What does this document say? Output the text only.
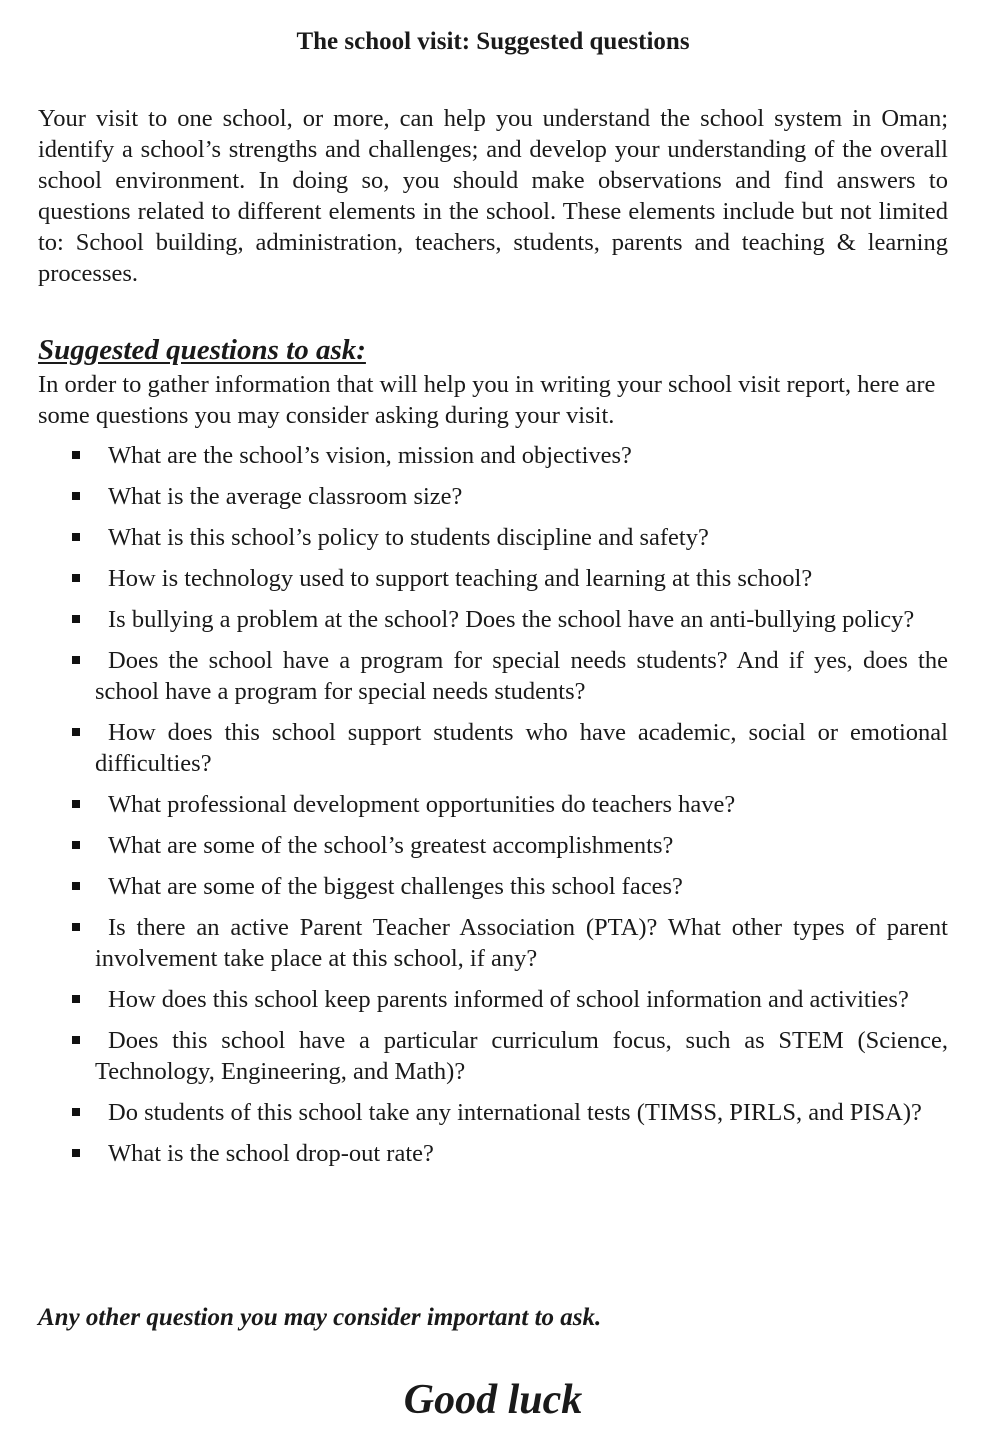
The school visit: Suggested questions

Your visit to one school, or more, can help you understand the school system in Oman; identify a school’s strengths and challenges; and develop your understanding of the overall school environment. In doing so, you should make observations and find answers to questions related to different elements in the school. These elements include but not limited to: School building, administration, teachers, students, parents and teaching & learning processes.

Suggested questions to ask:

In order to gather information that will help you in writing your school visit report, here are some questions you may consider asking during your visit.

What are the school’s vision, mission and objectives?
What is the average classroom size?
What is this school’s policy to students discipline and safety?
How is technology used to support teaching and learning at this school?
Is bullying a problem at the school? Does the school have an anti-bullying policy?
Does the school have a program for special needs students? And if yes, does the school have a program for special needs students?
How does this school support students who have academic, social or emotional difficulties?
What professional development opportunities do teachers have?
What are some of the school’s greatest accomplishments?
What are some of the biggest challenges this school faces?
Is there an active Parent Teacher Association (PTA)? What other types of parent involvement take place at this school, if any?
How does this school keep parents informed of school information and activities?
Does this school have a particular curriculum focus, such as STEM (Science, Technology, Engineering, and Math)?
Do students of this school take any international tests (TIMSS, PIRLS, and PISA)?
What is the school drop-out rate?
Any other question you may consider important to ask.
Good luck
